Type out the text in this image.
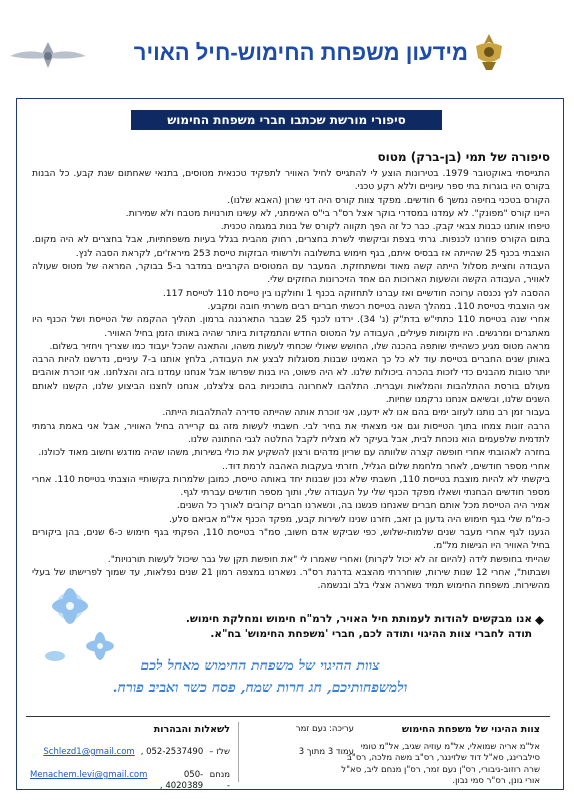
מידעון משפחת החימוש-חיל האויר
סיפורי מורשת שכתבו חברי משפחת החימוש
סיפורה של תמי (בן-ברק) מטוס
התגייסתי באוקטובר 1979. בטירונות הוצע לי להתגייס לחיל האוויר לתפקיד טכנאית מטוסים, בתנאי שאחתום שנת קבע. כל הבנות בקורס היו בוגרות בתי ספר עיוניים וללא רקע טכני.
הקורס בטכני בחיפה נמשך 6 חודשים. מפקד צוות קורס היה דני שרון (האבא שלנו).
היינו קורס "מפונק". לא עמדנו במסדרי בוקר אצל רס"ר בי"ס האימתני, לא עשינו תורנויות מטבח ולא שמירות.
טיפחו אותנו כבנות צבאי קבק. כבר כל זה הפך תקווה לקורס של בנות במגמה טכנית.
בתום הקורס פוזרנו לכנפות. גרתי בצפת וביקשתי לשרת בחצרים, רחוק מהבית בגלל בעיות משפחתיות, אבל בחצרים לא היה מקום. הוצבתי בכנף 25 שהייתה אז בבסיס איתם, בגף חימוש בתשלובה ולרשותי הבזקות טייסת 253 מיראז'ים, לקראת הסבה לנץ.
העבודה וחציית מסלול הייתה קשה מאוד ומשתחזקת. המעבר עם המטוסים הקרביים במדבר ב-5 בבוקר, המראה של מטוס שעולה לאוויר, העבודה הקשה והשעות הארוכות הם אחד הזיכרונות החזקים שלי.
ההסבה לנץ נכנסה ערוכה חודשיים ואז עברנו לתחזוקה בכנף 1 וחולקנו בין טייסת 110 לטייסת 117.
אני הוצבתי בטייסת 110. במהלך השנה בטייסת רכשתי חברים רבים משרתי חובה ומקבע.
אחרי שנה בטייסת 110 כתתי"ש בדת"ק (נ' 34). ירדנו לכנף 25 שבבר התארגנה ברמון. תהליך ההקמה של הטייסת ושל הכנף היו מאתגרים ומרגשים. היו מקומות פעילים, העבודה על המטוס החדש והתמקדות ביותר שהיה באותו הזמן בחיל האוויר.
מראה מטוס מגיע כשהייתי שותפה בהכנה שלו, החושש שאולי שכחתי לעשות משהו, והתאנה שהכל יעבוד כמו שצריך ויחזיר בשלום.
באותן שנים החברים בטייסת עוד לא כל כך האמינו שבנות מסוגלות לבצע את העבודה, בלחץ אותנו ב-7 עיניים, נדרשנו להיות הרבה יותר טובות מהבנים כדי לזכות בהכרה ביכולות שלנו. לא היה פשוט, היו בנות שפרשו אבל אנחנו עמדנו בזה והצלחנו. אני זוכרת אוהבים מעולם בורסת ההתלהבות והמלאות ועברית. התלהבו לאחרונה בתוכניות בהם צלצלנו, אנחנו לחצנו הביצוע שלנו, הקשנו לאותם השנים שלנו, ובשיאם אנחנו נרקמנו שחיות.
בעבור זמן רב נותנו לעזוב ימים בהם אנו לא ידענו, אני זוכרת אותה שהייתה סדירה להתלהבות הייתה.
הרבה זוגות צמחו בתוך הטייסות וגם אני מצאתי את בחיר לבי. חשבתי לעשות מזה גם קריירה בחיל האוויר, אבל אני באמת גרמתי לתדמית שלפעמים הוא נוכחת לבית, אבל בעיקר לא מצליח לקבל החלטה לגבי החתונה שלנו.
בחזרה לאהובתי אחרי חופשה קצרה שלוותה עם שריון מדהים ורצון להשקיע את כולי בשירות, משהו שהיה מודגש וחשוב מאוד לכולנו.
אחרי מספר חודשים, לאחר מלחמת שלום הגליל, חזרתי בעקבות האהבה לרמת דוד..
ביקשתי לא להיות מוצבת בטייסת 110, חשבתי שלא נכון שבנות יחד באותה טייסת, כמובן שלמרות בקשותיי הוצבתי בטייסת 110. אחרי מספר חודשים הבחנתי ושאלו מפקד הכנף שלי על העבודה שלי, ותוך מספר חודשים עברתי לגף.
אמיר היה הטייסת מכל אותם חברים שאנחנו פגשנו בה, ונשארנו חברים קרובים לאורך כל השנים.
כ-מ"מ שלי בגף חימוש היה גדעון בן זאב, חזרנו שנינו לשירות קבע, מפקד הכנף אל"מ אביאם סלע.
הגענו לגף אחרי מעבר שנים שלמות-שלוש, כפי שביקש אדם חשוב, סמ"ר בטייסת 110, הפקתי בגף חימוש כ-6 שנים, בהן ביקורים בחיל האוויר היו הגישות מל"מ.
שהייתי בחופשת לידה (להיום זה לא יכול לקרות) ואחרי שאמרו לי "את חופשת תקן של גבר שיכול לעשות תורנויות".
ושבתות", אחרי 12 שנות שירות, שוחררתי מהצבא בדרגת רס"ר. נשארנו במצפה רמון 21 שנים נפלאות, עד שמוך לפרישתו של בעלי מהשירות. משפחת החימוש תמיד נשארה אצלי בלב ובנשמה.
אנו מבקשים להודות לעמותת חיל האויר, לרמ"ח חימוש ומחלקת חימוש.
תודה לחברי צוות ההיגוי ותודה לכם, חברי 'משפחת החימוש' בח"א.
צוות ההיגוי של משפחת החימוש מאחל לכם
ולמשפחותיכם, חג חרות שמח, פסח כשר ואביב פורח.
צוות ההיגוי של משפחת החימוש
אל"מ אריה שמואלי, אל"מ עוזיה שגיב, אל"מ טומי סילברינג, סא"ל דוד שלזינגר, רס"ב משה מלכה, רס"ב שרה רוזוב-גיבורי, רס"ן נעם זמר, רס"ן מנחם ליב, סא"ל אורי גונן, רס"ר סמי נבון.
עריכה: נעם זמר
עמוד 3 מתוך 3
לשאלות והבהרות
שלז –
052-2537490 ,
Schlezd1@gmail.com
מנחם -
050-4020389 ,
Menachem.levi@gmail.com
